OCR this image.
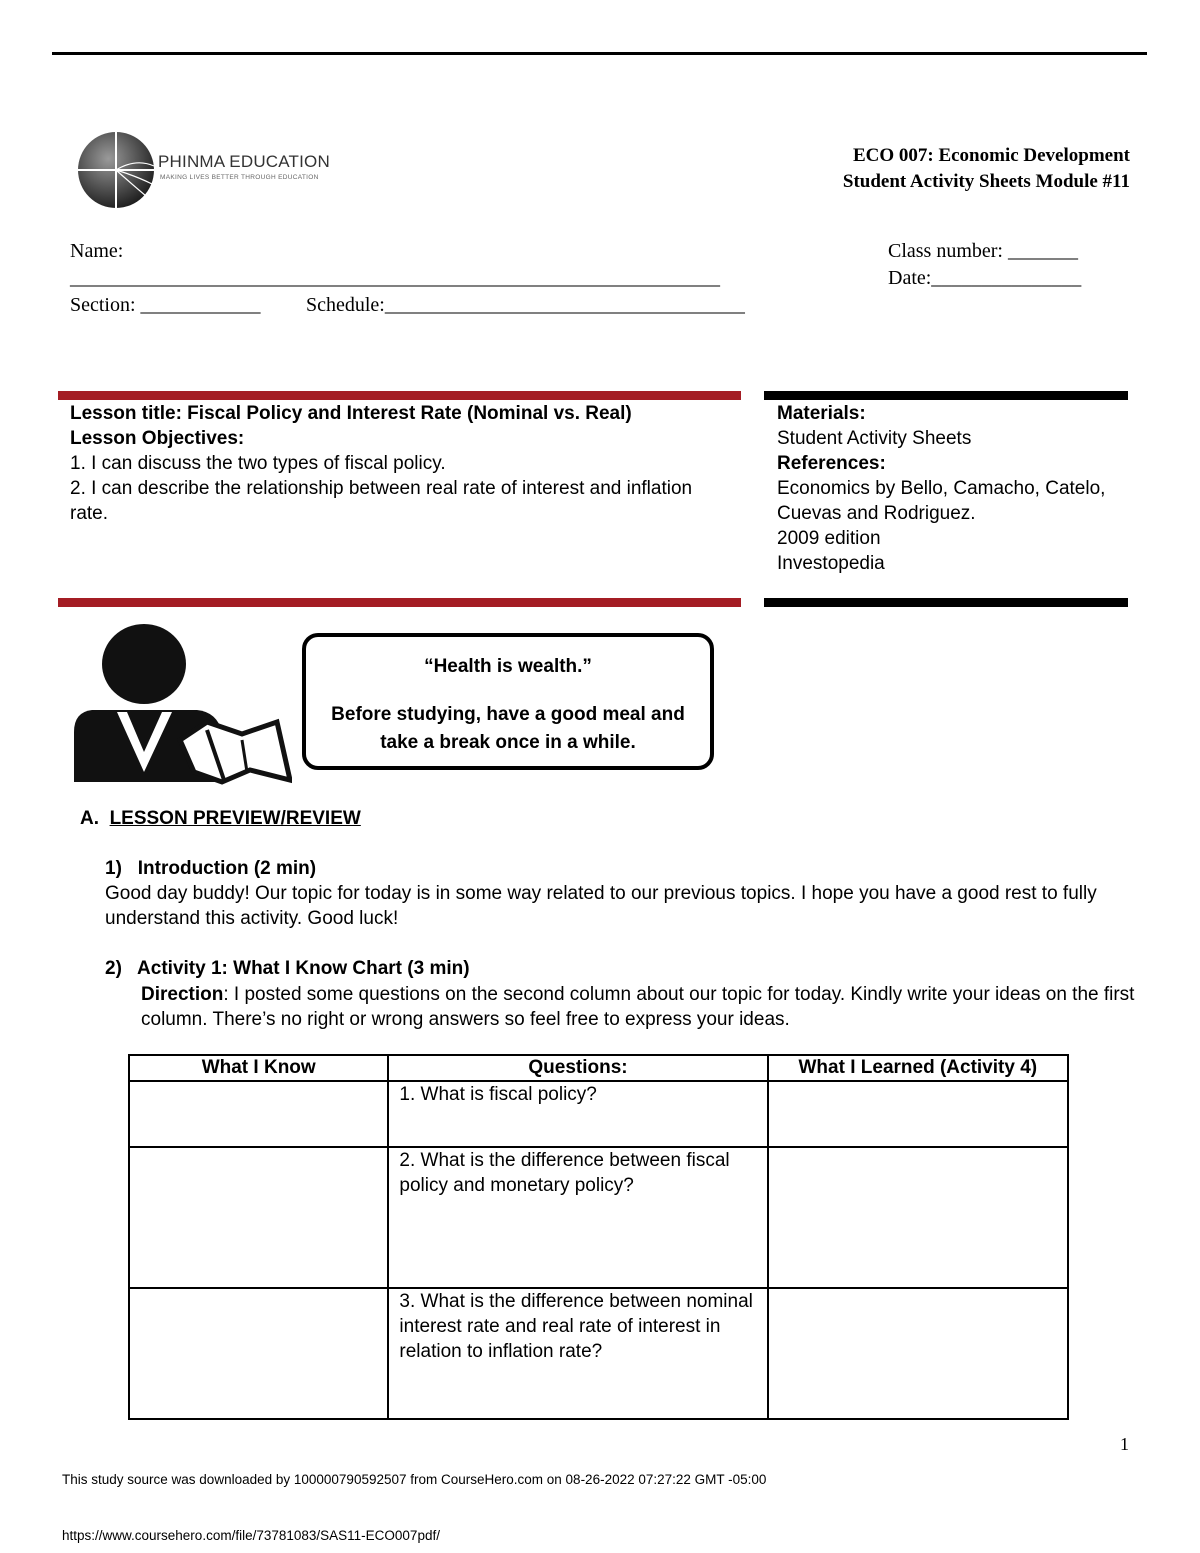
PHINMA EDUCATION
MAKING LIVES BETTER THROUGH EDUCATION
ECO 007: Economic Development
Student Activity Sheets Module #11
Name:
_________________________________________________________________
Section: ____________ Schedule:____________________________________
Class number: _______
Date:_______________
Lesson title: Fiscal Policy and Interest Rate (Nominal vs. Real)
Lesson Objectives:
1. I can discuss the two types of fiscal policy.
2. I can describe the relationship between real rate of interest and inflation rate.
Materials:
Student Activity Sheets
References:
Economics by Bello, Camacho, Catelo, Cuevas and Rodriguez.
2009 edition
Investopedia
“Health is wealth.”
Before studying, have a good meal and take a break once in a while.
A. LESSON PREVIEW/REVIEW
1) Introduction (2 min)
Good day buddy! Our topic for today is in some way related to our previous topics. I hope you have a good rest to fully understand this activity. Good luck!
2) Activity 1: What I Know Chart (3 min)
Direction: I posted some questions on the second column about our topic for today. Kindly write your ideas on the first column. There’s no right or wrong answers so feel free to express your ideas.
What I Know	Questions:	What I Learned (Activity 4)
	1. What is fiscal policy?	
	2. What is the difference between fiscal policy and monetary policy?	
	3. What is the difference between nominal interest rate and real rate of interest in relation to inflation rate?	
1
This study source was downloaded by 100000790592507 from CourseHero.com on 08-26-2022 07:27:22 GMT -05:00
https://www.coursehero.com/file/73781083/SAS11-ECO007pdf/
